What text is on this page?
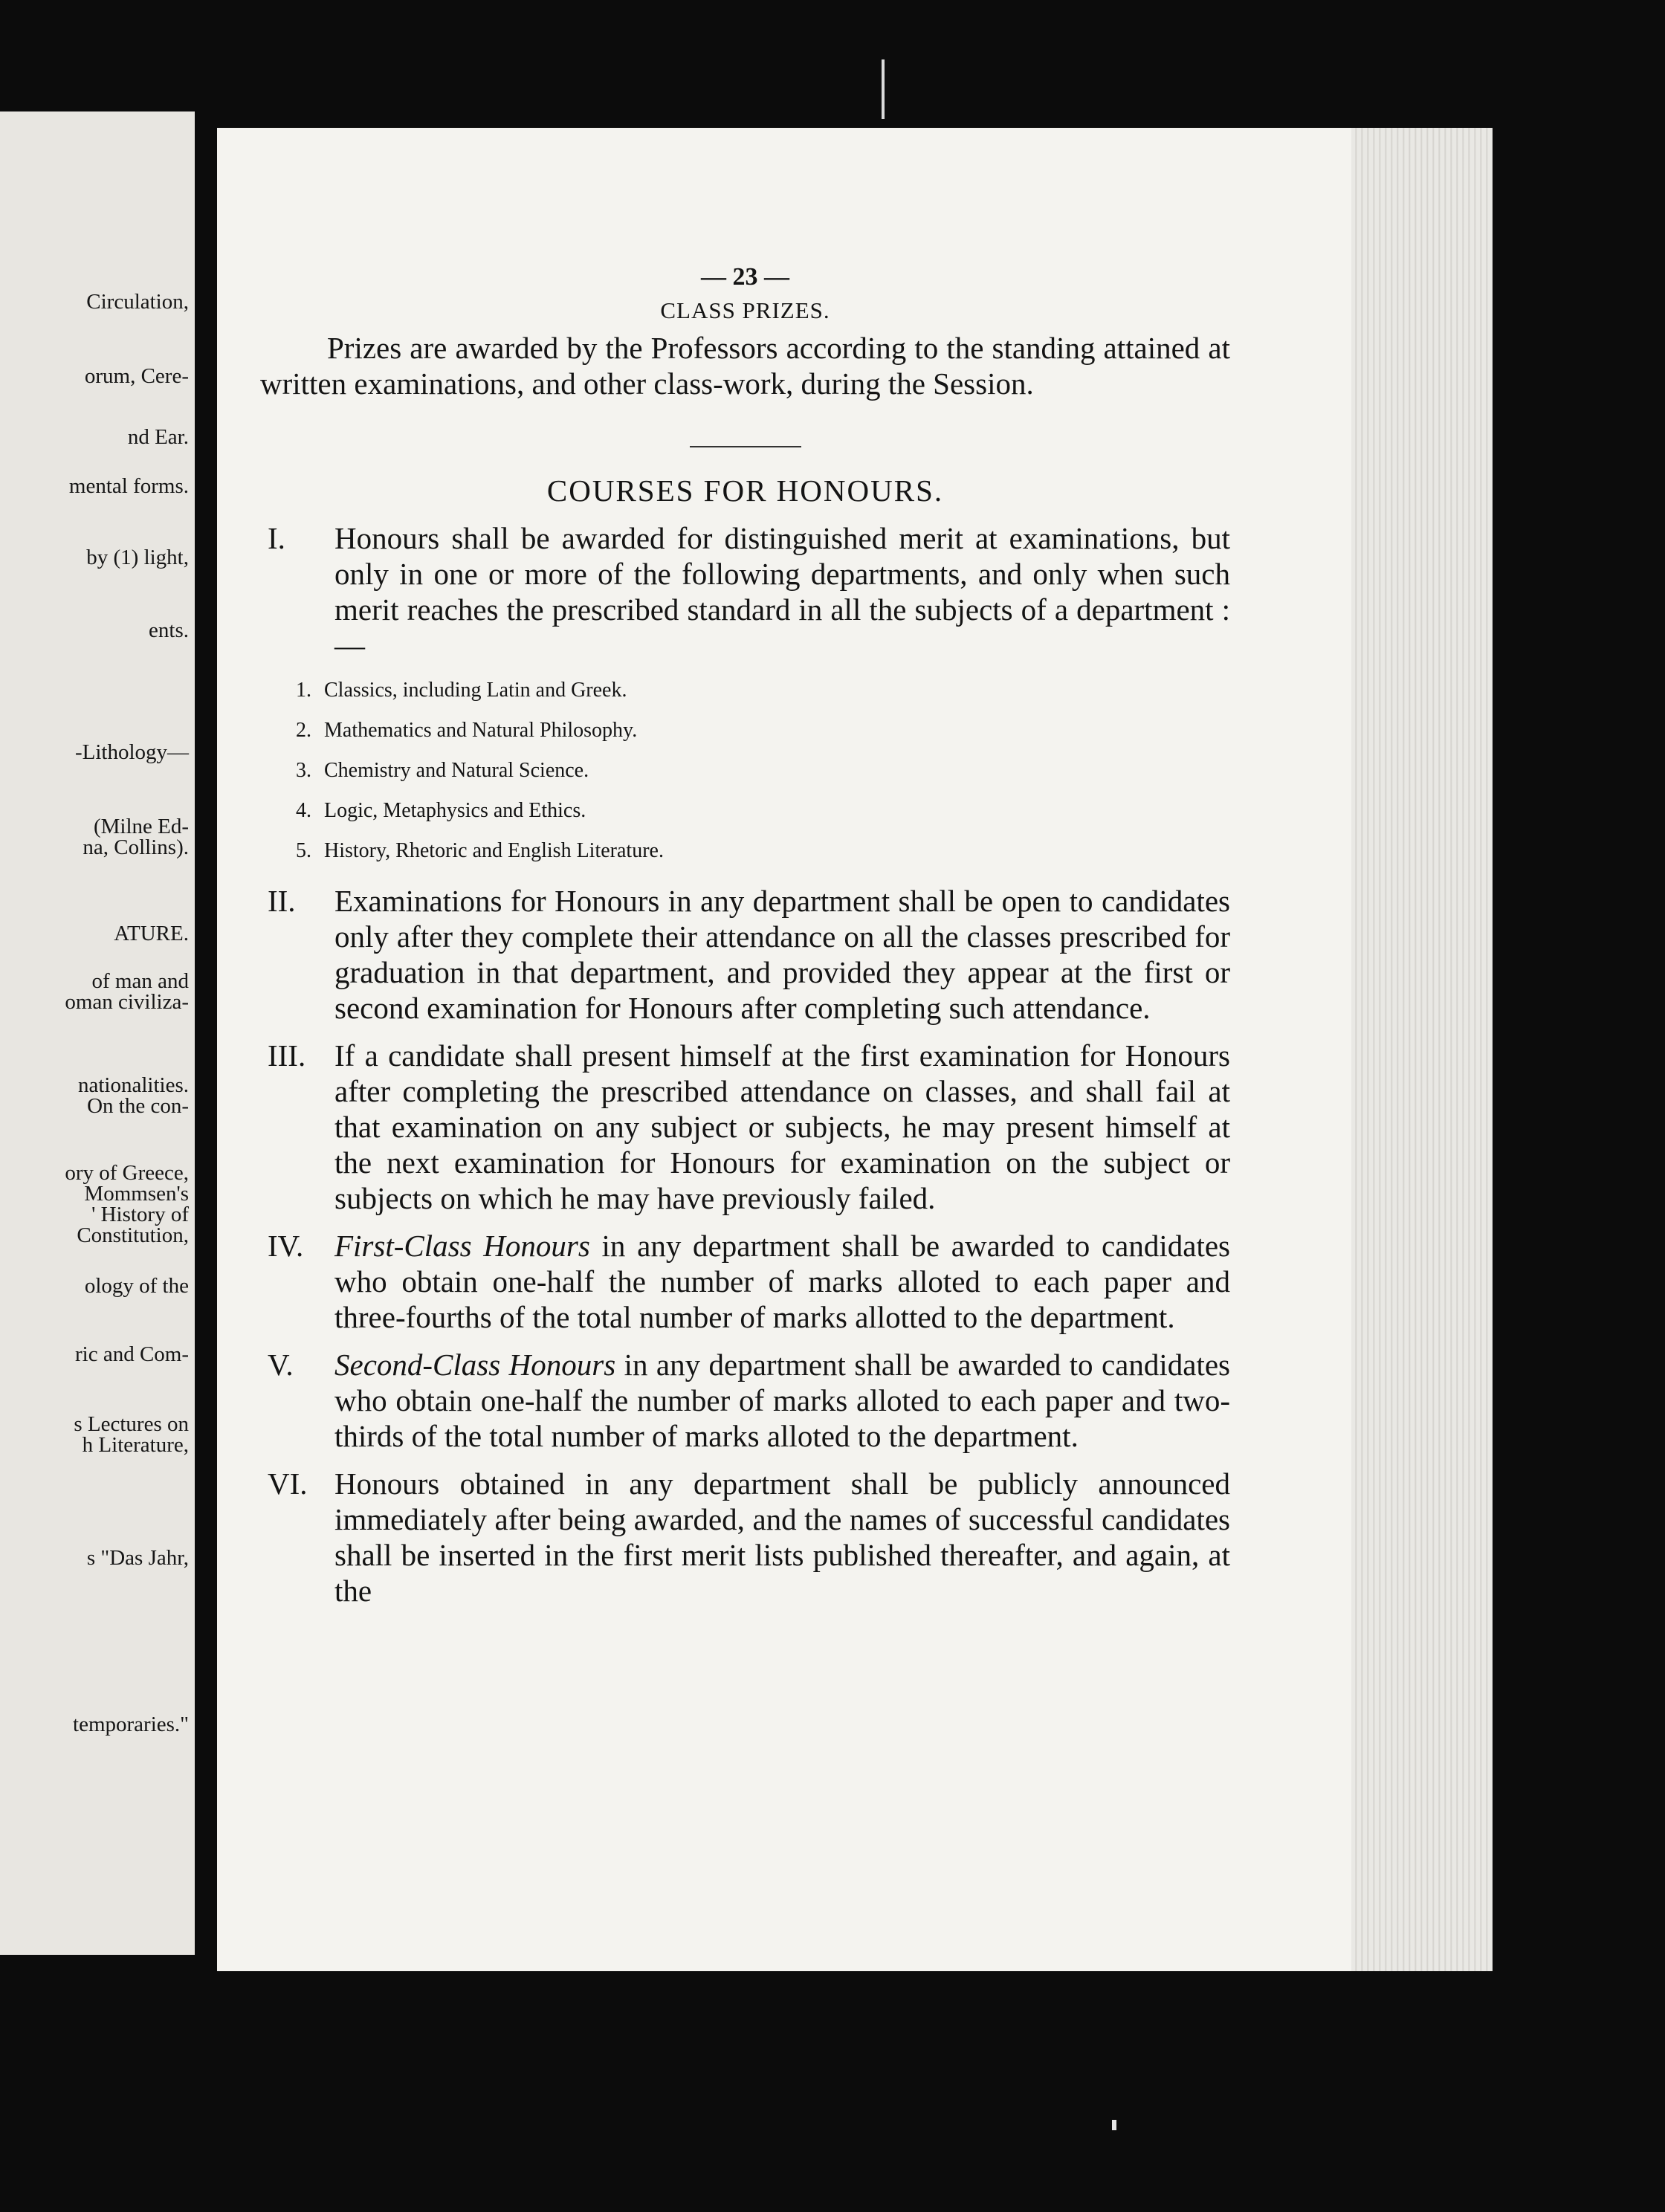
Circulation,
orum, Cere-
nd Ear.
mental forms.
by (1) light,
ents.
-Lithology—
(Milne Ed-
na, Collins).
ATURE.
of man and
oman civiliza-
nationalities.
On the con-
ory of Greece,
Mommsen's
' History of
Constitution,
ology of the
ric and Com-
s Lectures on
h Literature,
s "Das Jahr,
temporaries."
— 23 —
CLASS PRIZES.

Prizes are awarded by the Professors according to the standing attained at written examinations, and other class-work, during the Session.

COURSES FOR HONOURS.
I. Honours shall be awarded for distinguished merit at examinations, but only in one or more of the following departments, and only when such merit reaches the prescribed standard in all the subjects of a department :—
1. Classics, including Latin and Greek.
2. Mathematics and Natural Philosophy.
3. Chemistry and Natural Science.
4. Logic, Metaphysics and Ethics.
5. History, Rhetoric and English Literature.
II. Examinations for Honours in any department shall be open to candidates only after they complete their attendance on all the classes prescribed for graduation in that department, and provided they appear at the first or second examination for Honours after completing such attendance.
III. If a candidate shall present himself at the first examination for Honours after completing the prescribed attendance on classes, and shall fail at that examination on any subject or subjects, he may present himself at the next examination for Honours for examination on the subject or subjects on which he may have previously failed.
IV. First-Class Honours in any department shall be awarded to candidates who obtain one-half the number of marks alloted to each paper and three-fourths of the total number of marks allotted to the department.
V. Second-Class Honours in any department shall be awarded to candidates who obtain one-half the number of marks alloted to each paper and two-thirds of the total number of marks alloted to the department.
VI. Honours obtained in any department shall be publicly announced immediately after being awarded, and the names of successful candidates shall be inserted in the first merit lists published thereafter, and again, at the
